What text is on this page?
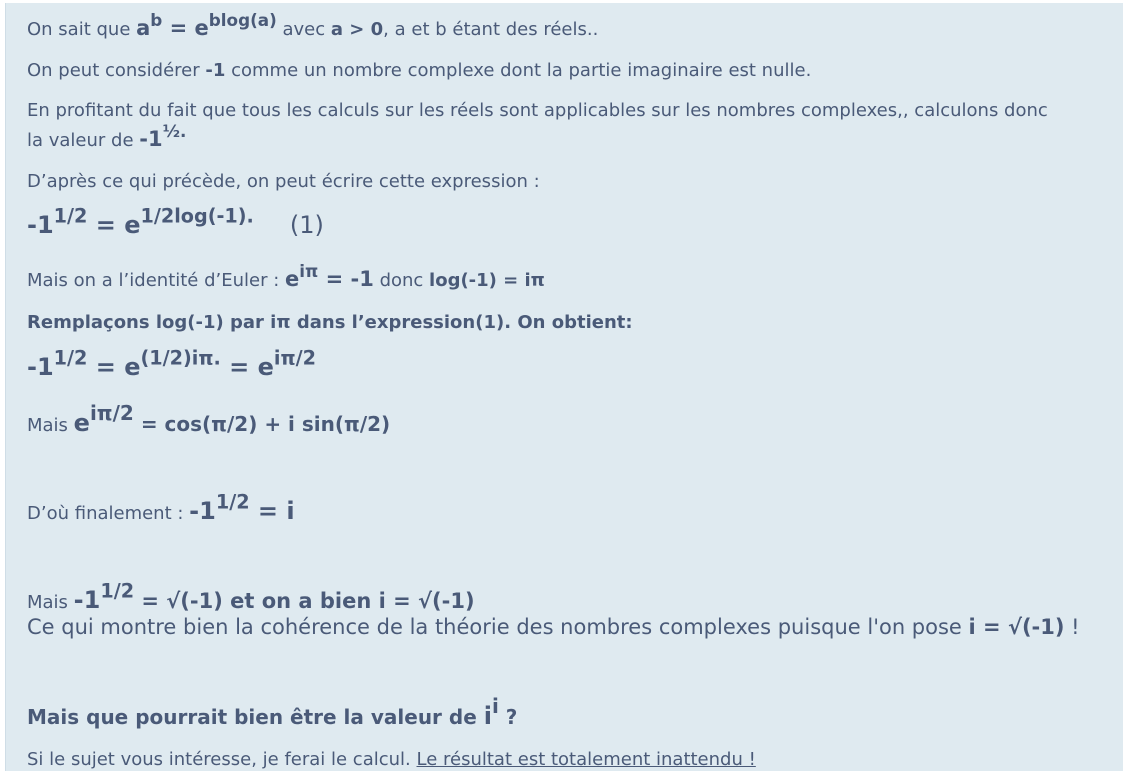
On sait que $a^b = e^{blog(a)}$ avec a > 0, a et b étant des réels..
On peut considérer -1 comme un nombre complexe dont la partie imaginaire est nulle.
En profitant du fait que tous les calculs sur les réels sont applicables sur les nombres complexes,, calculons donc
la valeur de $-1^{\frac{1}{2}.}$
D’après ce qui précède, on peut écrire cette expression :
$-1^{1/2} = e^{1/2log(-1).}$ (1)
Mais on a l’identité d’Euler : $e^{i\pi} = -1$ donc log(-1) = iπ
Remplaçons log(-1) par iπ dans l’expression(1). On obtient:
$-1^{1/2} = e^{(1/2)i\pi.} = e^{i\pi/2}$
Mais $e^{i\pi/2} = \cos(\pi/2) + i$ sin(π/2)
D’où finalement : $-1^{1/2} = i$
Mais $-1^{1/2} = √(-1)$ et on a bien i = √(-1)
Ce qui montre bien la cohérence de la théorie des nombres complexes puisque l'on pose i = √(-1) !
Mais que pourrait bien être la valeur de $i^i$ ?
Si le sujet vous intéresse, je ferai le calcul. Le résultat est totalement inattendu !
